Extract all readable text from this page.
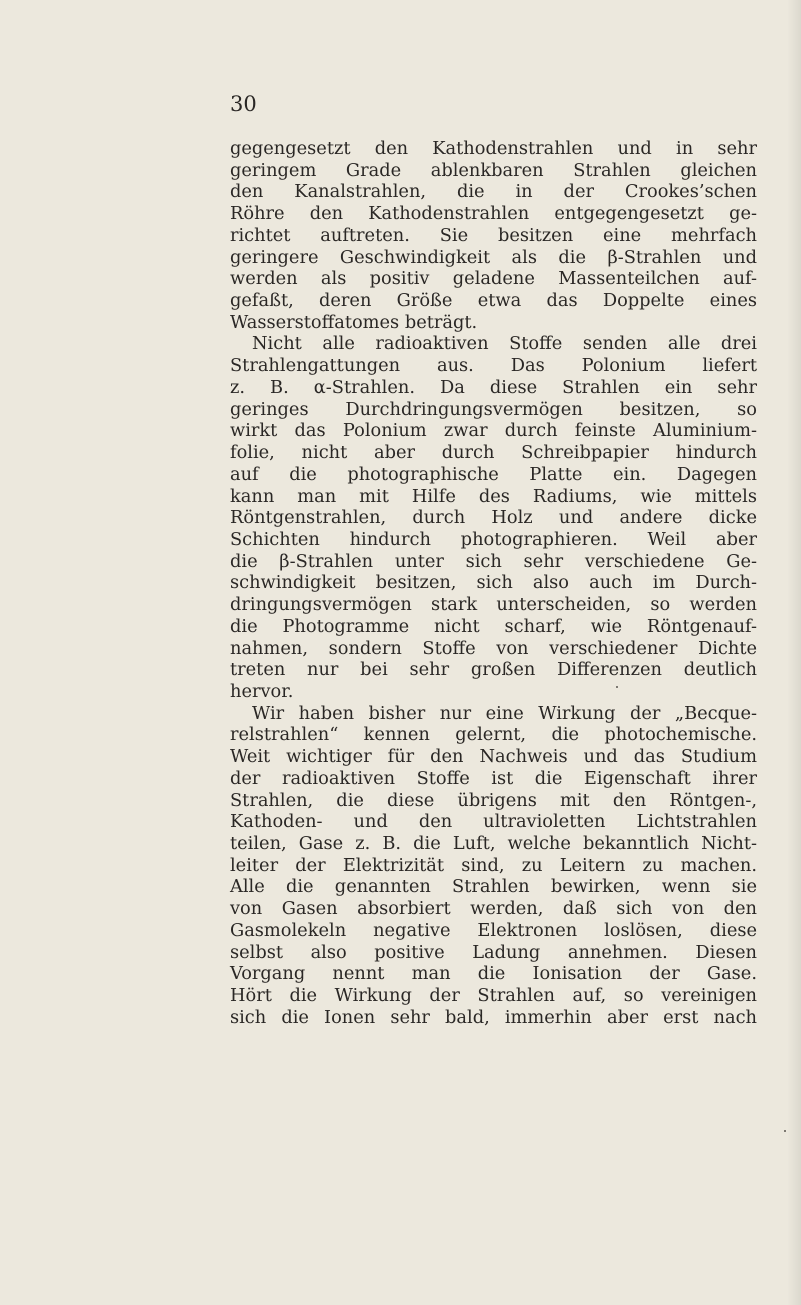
30
gegengesetzt den Kathodenstrahlen und in sehr
geringem Grade ablenkbaren Strahlen gleichen
den Kanalstrahlen, die in der Crookes’schen
Röhre den Kathodenstrahlen entgegengesetzt ge-
richtet auftreten. Sie besitzen eine mehrfach
geringere Geschwindigkeit als die β-Strahlen und
werden als positiv geladene Massenteilchen auf-
gefaßt, deren Größe etwa das Doppelte eines
Wasserstoffatomes beträgt.
Nicht alle radioaktiven Stoffe senden alle drei
Strahlengattungen aus. Das Polonium liefert
z. B. α-Strahlen. Da diese Strahlen ein sehr
geringes Durchdringungsvermögen besitzen, so
wirkt das Polonium zwar durch feinste Aluminium-
folie, nicht aber durch Schreibpapier hindurch
auf die photographische Platte ein. Dagegen
kann man mit Hilfe des Radiums, wie mittels
Röntgenstrahlen, durch Holz und andere dicke
Schichten hindurch photographieren. Weil aber
die β-Strahlen unter sich sehr verschiedene Ge-
schwindigkeit besitzen, sich also auch im Durch-
dringungsvermögen stark unterscheiden, so werden
die Photogramme nicht scharf, wie Röntgenauf-
nahmen, sondern Stoffe von verschiedener Dichte
treten nur bei sehr großen Differenzen deutlich
hervor.
Wir haben bisher nur eine Wirkung der „Becque-
relstrahlen“ kennen gelernt, die photochemische.
Weit wichtiger für den Nachweis und das Studium
der radioaktiven Stoffe ist die Eigenschaft ihrer
Strahlen, die diese übrigens mit den Röntgen-,
Kathoden- und den ultravioletten Lichtstrahlen
teilen, Gase z. B. die Luft, welche bekanntlich Nicht-
leiter der Elektrizität sind, zu Leitern zu machen.
Alle die genannten Strahlen bewirken, wenn sie
von Gasen absorbiert werden, daß sich von den
Gasmolekeln negative Elektronen loslösen, diese
selbst also positive Ladung annehmen. Diesen
Vorgang nennt man die Ionisation der Gase.
Hört die Wirkung der Strahlen auf, so vereinigen
sich die Ionen sehr bald, immerhin aber erst nach
